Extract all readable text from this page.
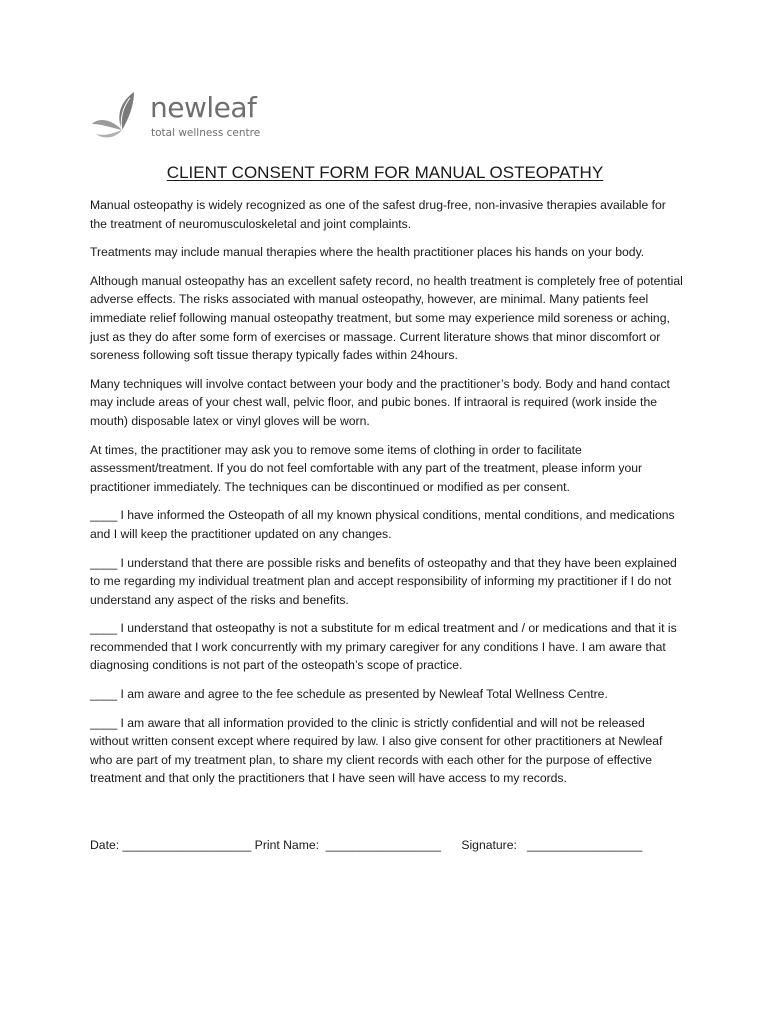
newleaf
total wellness centre
CLIENT CONSENT FORM FOR MANUAL OSTEOPATHY

Manual osteopathy is widely recognized as one of the safest drug-free, non-invasive therapies available for the treatment of neuromusculoskeletal and joint complaints.

Treatments may include manual therapies where the health practitioner places his hands on your body.

Although manual osteopathy has an excellent safety record, no health treatment is completely free of potential adverse effects. The risks associated with manual osteopathy, however, are minimal. Many patients feel immediate relief following manual osteopathy treatment, but some may experience mild soreness or aching, just as they do after some form of exercises or massage. Current literature shows that minor discomfort or soreness following soft tissue therapy typically fades within 24hours.

Many techniques will involve contact between your body and the practitioner’s body. Body and hand contact may include areas of your chest wall, pelvic floor, and pubic bones. If intraoral is required (work inside the mouth) disposable latex or vinyl gloves will be worn.

At times, the practitioner may ask you to remove some items of clothing in order to facilitate assessment/treatment. If you do not feel comfortable with any part of the treatment, please inform your practitioner immediately. The techniques can be discontinued or modified as per consent.

____ I have informed the Osteopath of all my known physical conditions, mental conditions, and medications and I will keep the practitioner updated on any changes.

____ I understand that there are possible risks and benefits of osteopathy and that they have been explained to me regarding my individual treatment plan and accept responsibility of informing my practitioner if I do not understand any aspect of the risks and benefits.

____ I understand that osteopathy is not a substitute for m edical treatment and / or medications and that it is recommended that I work concurrently with my primary caregiver for any conditions I have. I am aware that diagnosing conditions is not part of the osteopath’s scope of practice.

____ I am aware and agree to the fee schedule as presented by Newleaf Total Wellness Centre.

____ I am aware that all information provided to the clinic is strictly confidential and will not be released without written consent except where required by law. I also give consent for other practitioners at Newleaf who are part of my treatment plan, to share my client records with each other for the purpose of effective treatment and that only the practitioners that I have seen will have access to my records.

Date: ___________________ Print Name:  _________________      Signature:   _________________
